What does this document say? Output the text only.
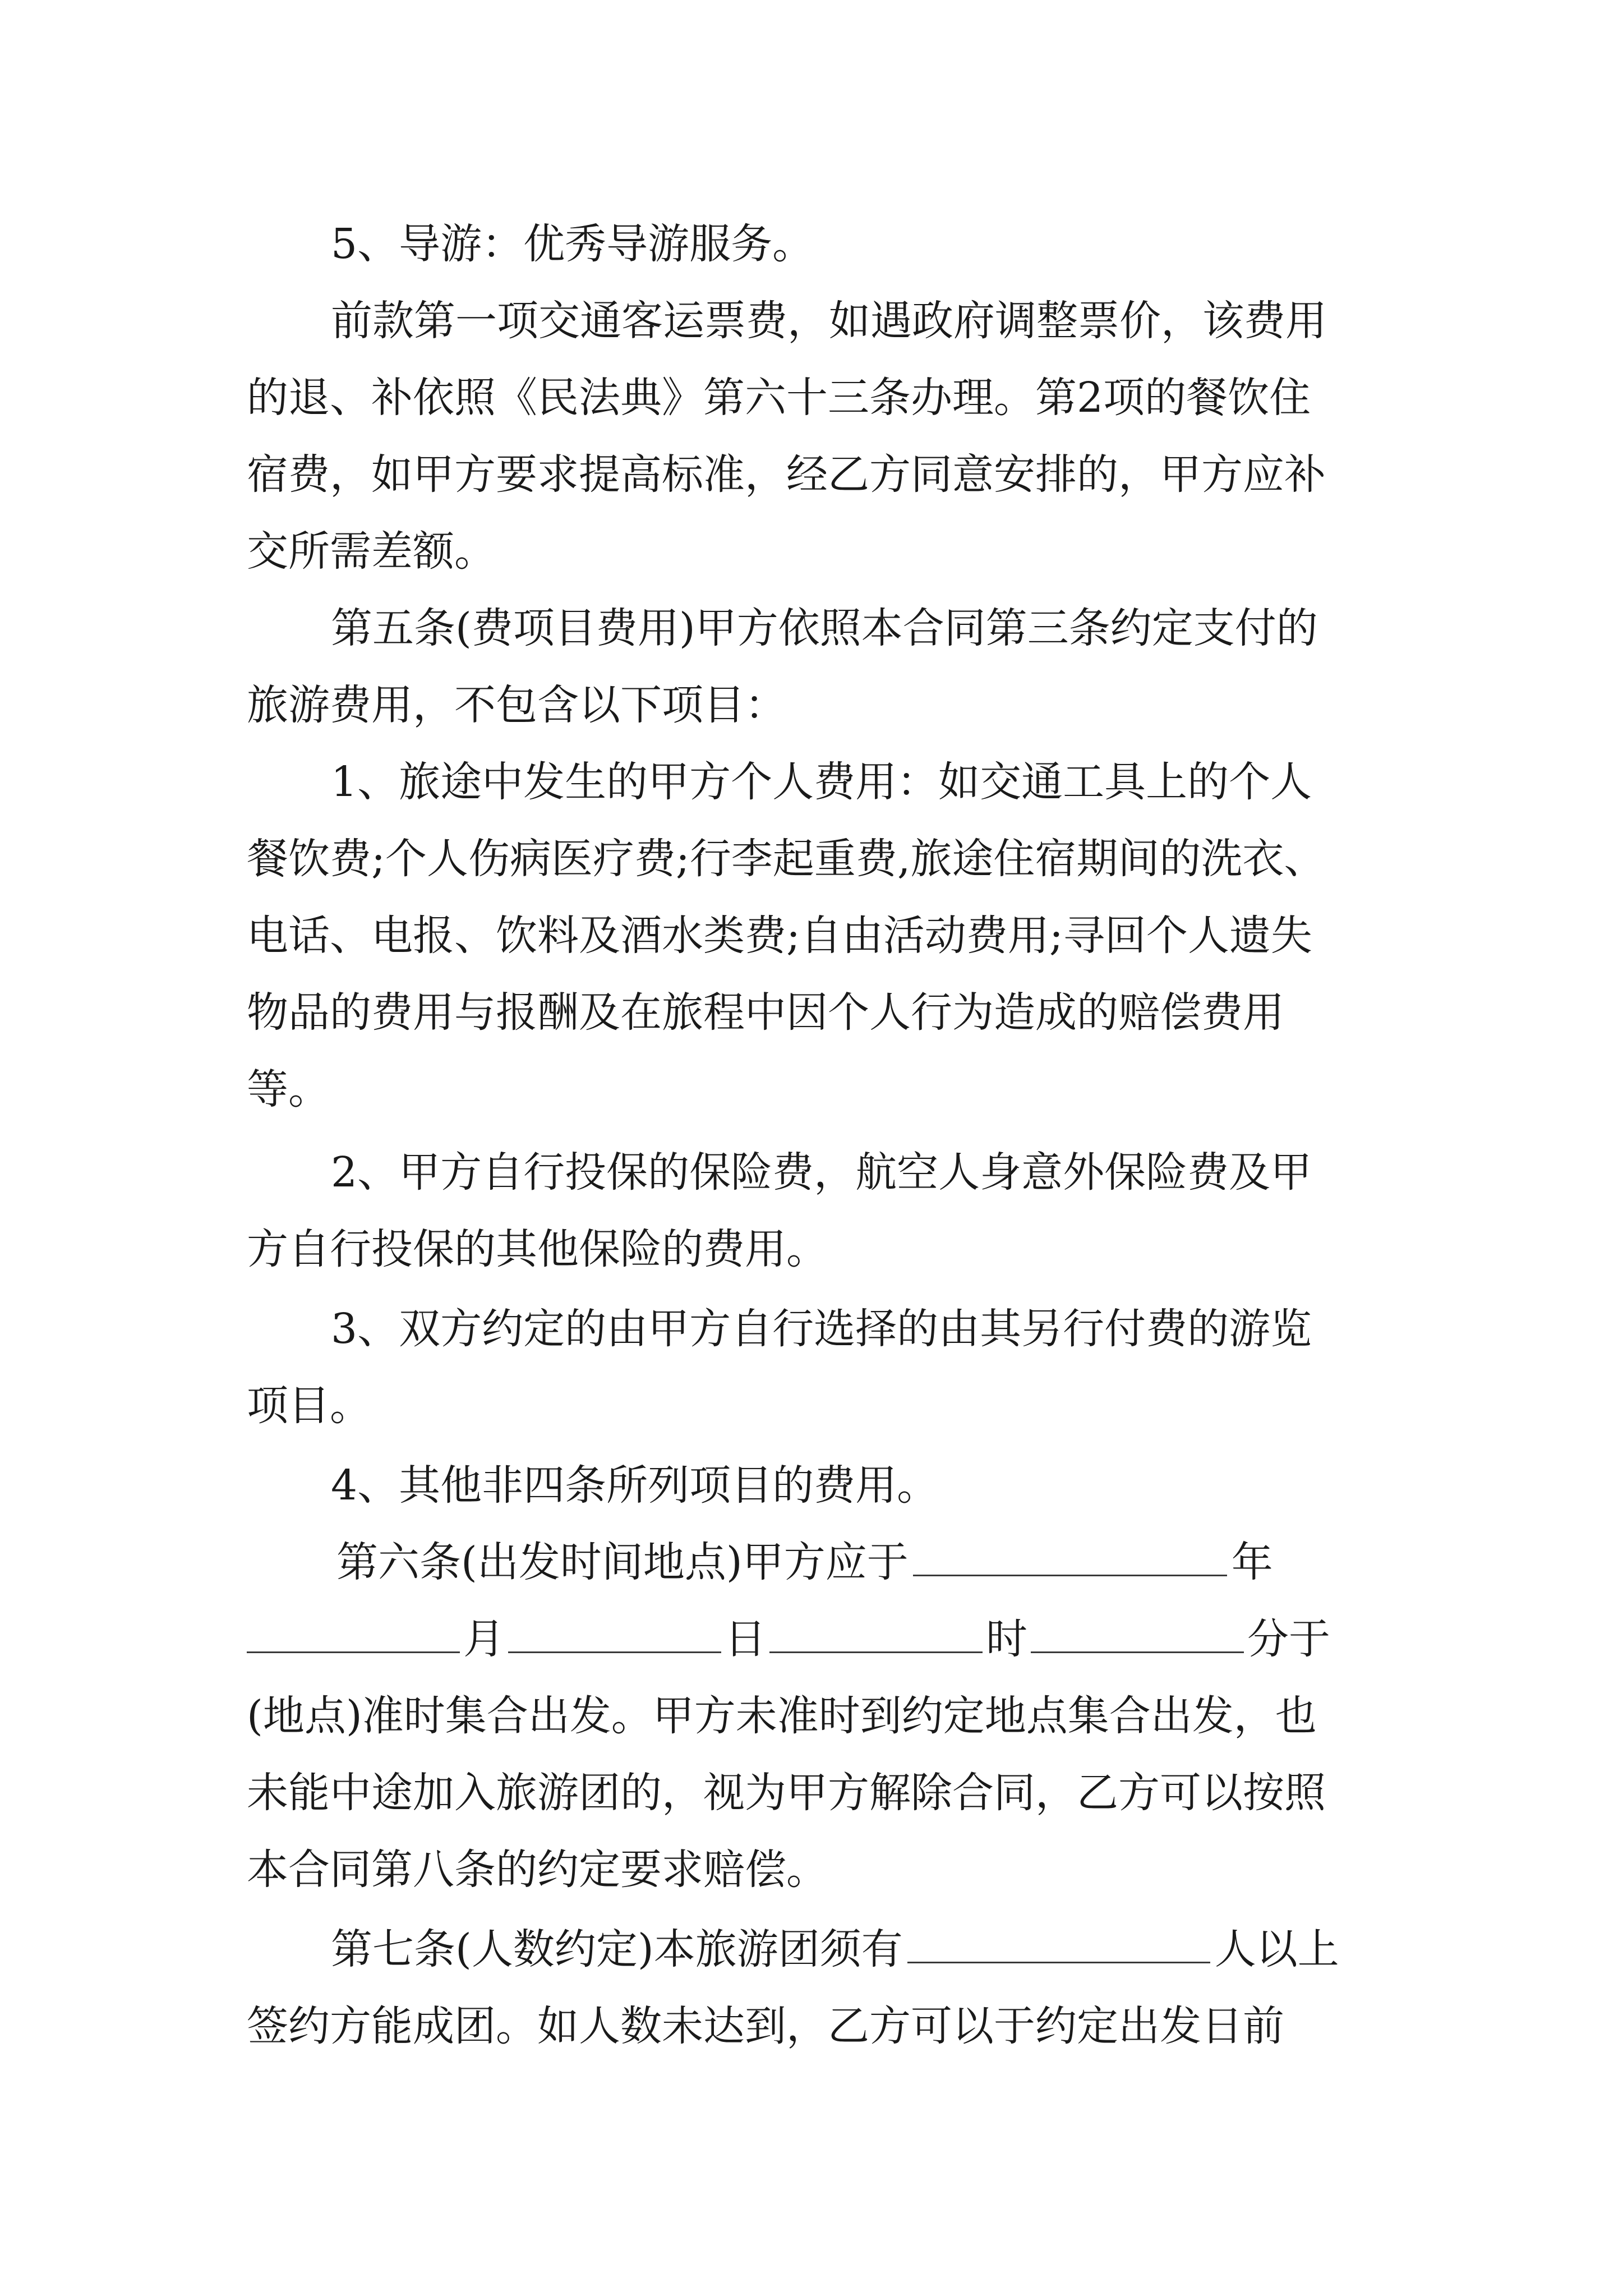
5、导游：优秀导游服务。
前款第一项交通客运票费，如遇政府调整票价，该费用
的退、补依照《民法典》第六十三条办理。第2项的餐饮住
宿费，如甲方要求提高标准，经乙方同意安排的，甲方应补
交所需差额。
第五条(费项目费用)甲方依照本合同第三条约定支付的
旅游费用，不包含以下项目：
1、旅途中发生的甲方个人费用：如交通工具上的个人
餐饮费;个人伤病医疗费;行李起重费,旅途住宿期间的洗衣、
电话、电报、饮料及酒水类费;自由活动费用;寻回个人遗失
物品的费用与报酬及在旅程中因个人行为造成的赔偿费用
等。
2、甲方自行投保的保险费，航空人身意外保险费及甲
方自行投保的其他保险的费用。
3、双方约定的由甲方自行选择的由其另行付费的游览
项目。
4、其他非四条所列项目的费用。
第六条(出发时间地点)甲方应于	年
月	日	时	分于
(地点)准时集合出发。甲方未准时到约定地点集合出发，也
未能中途加入旅游团的，视为甲方解除合同，乙方可以按照
本合同第八条的约定要求赔偿。
第七条(人数约定)本旅游团须有	人以上
签约方能成团。如人数未达到，乙方可以于约定出发日前
